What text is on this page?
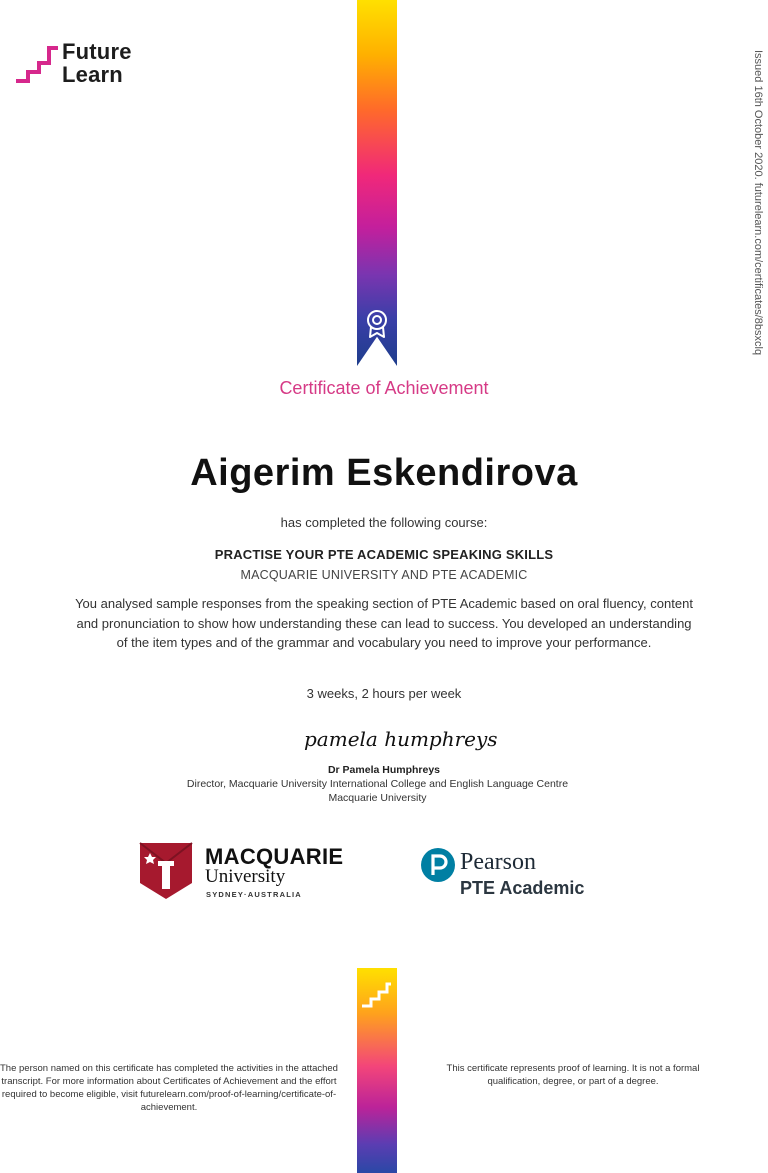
Future
Learn	Issued 16th October 2020. futurelearn.com/certificates/8bsxclq
Certificate of Achievement
Aigerim Eskendirova
has completed the following course:
PRACTISE YOUR PTE ACADEMIC SPEAKING SKILLS
MACQUARIE UNIVERSITY AND PTE ACADEMIC
You analysed sample responses from the speaking section of PTE Academic based on oral fluency, content and pronunciation to show how understanding these can lead to success. You developed an understanding of the item types and of the grammar and vocabulary you need to improve your performance.
3 weeks, 2 hours per week
pamela humphreys
Dr Pamela Humphreys
Director, Macquarie University International College and English Language Centre
Macquarie University
MACQUARIE
University
SYDNEY·AUSTRALIA
Pearson
PTE Academic
The person named on this certificate has completed the activities in the attached transcript. For more information about Certificates of Achievement and the effort required to become eligible, visit futurelearn.com/proof-of-learning/certificate-of-achievement.
This certificate represents proof of learning. It is not a formal qualification, degree, or part of a degree.
